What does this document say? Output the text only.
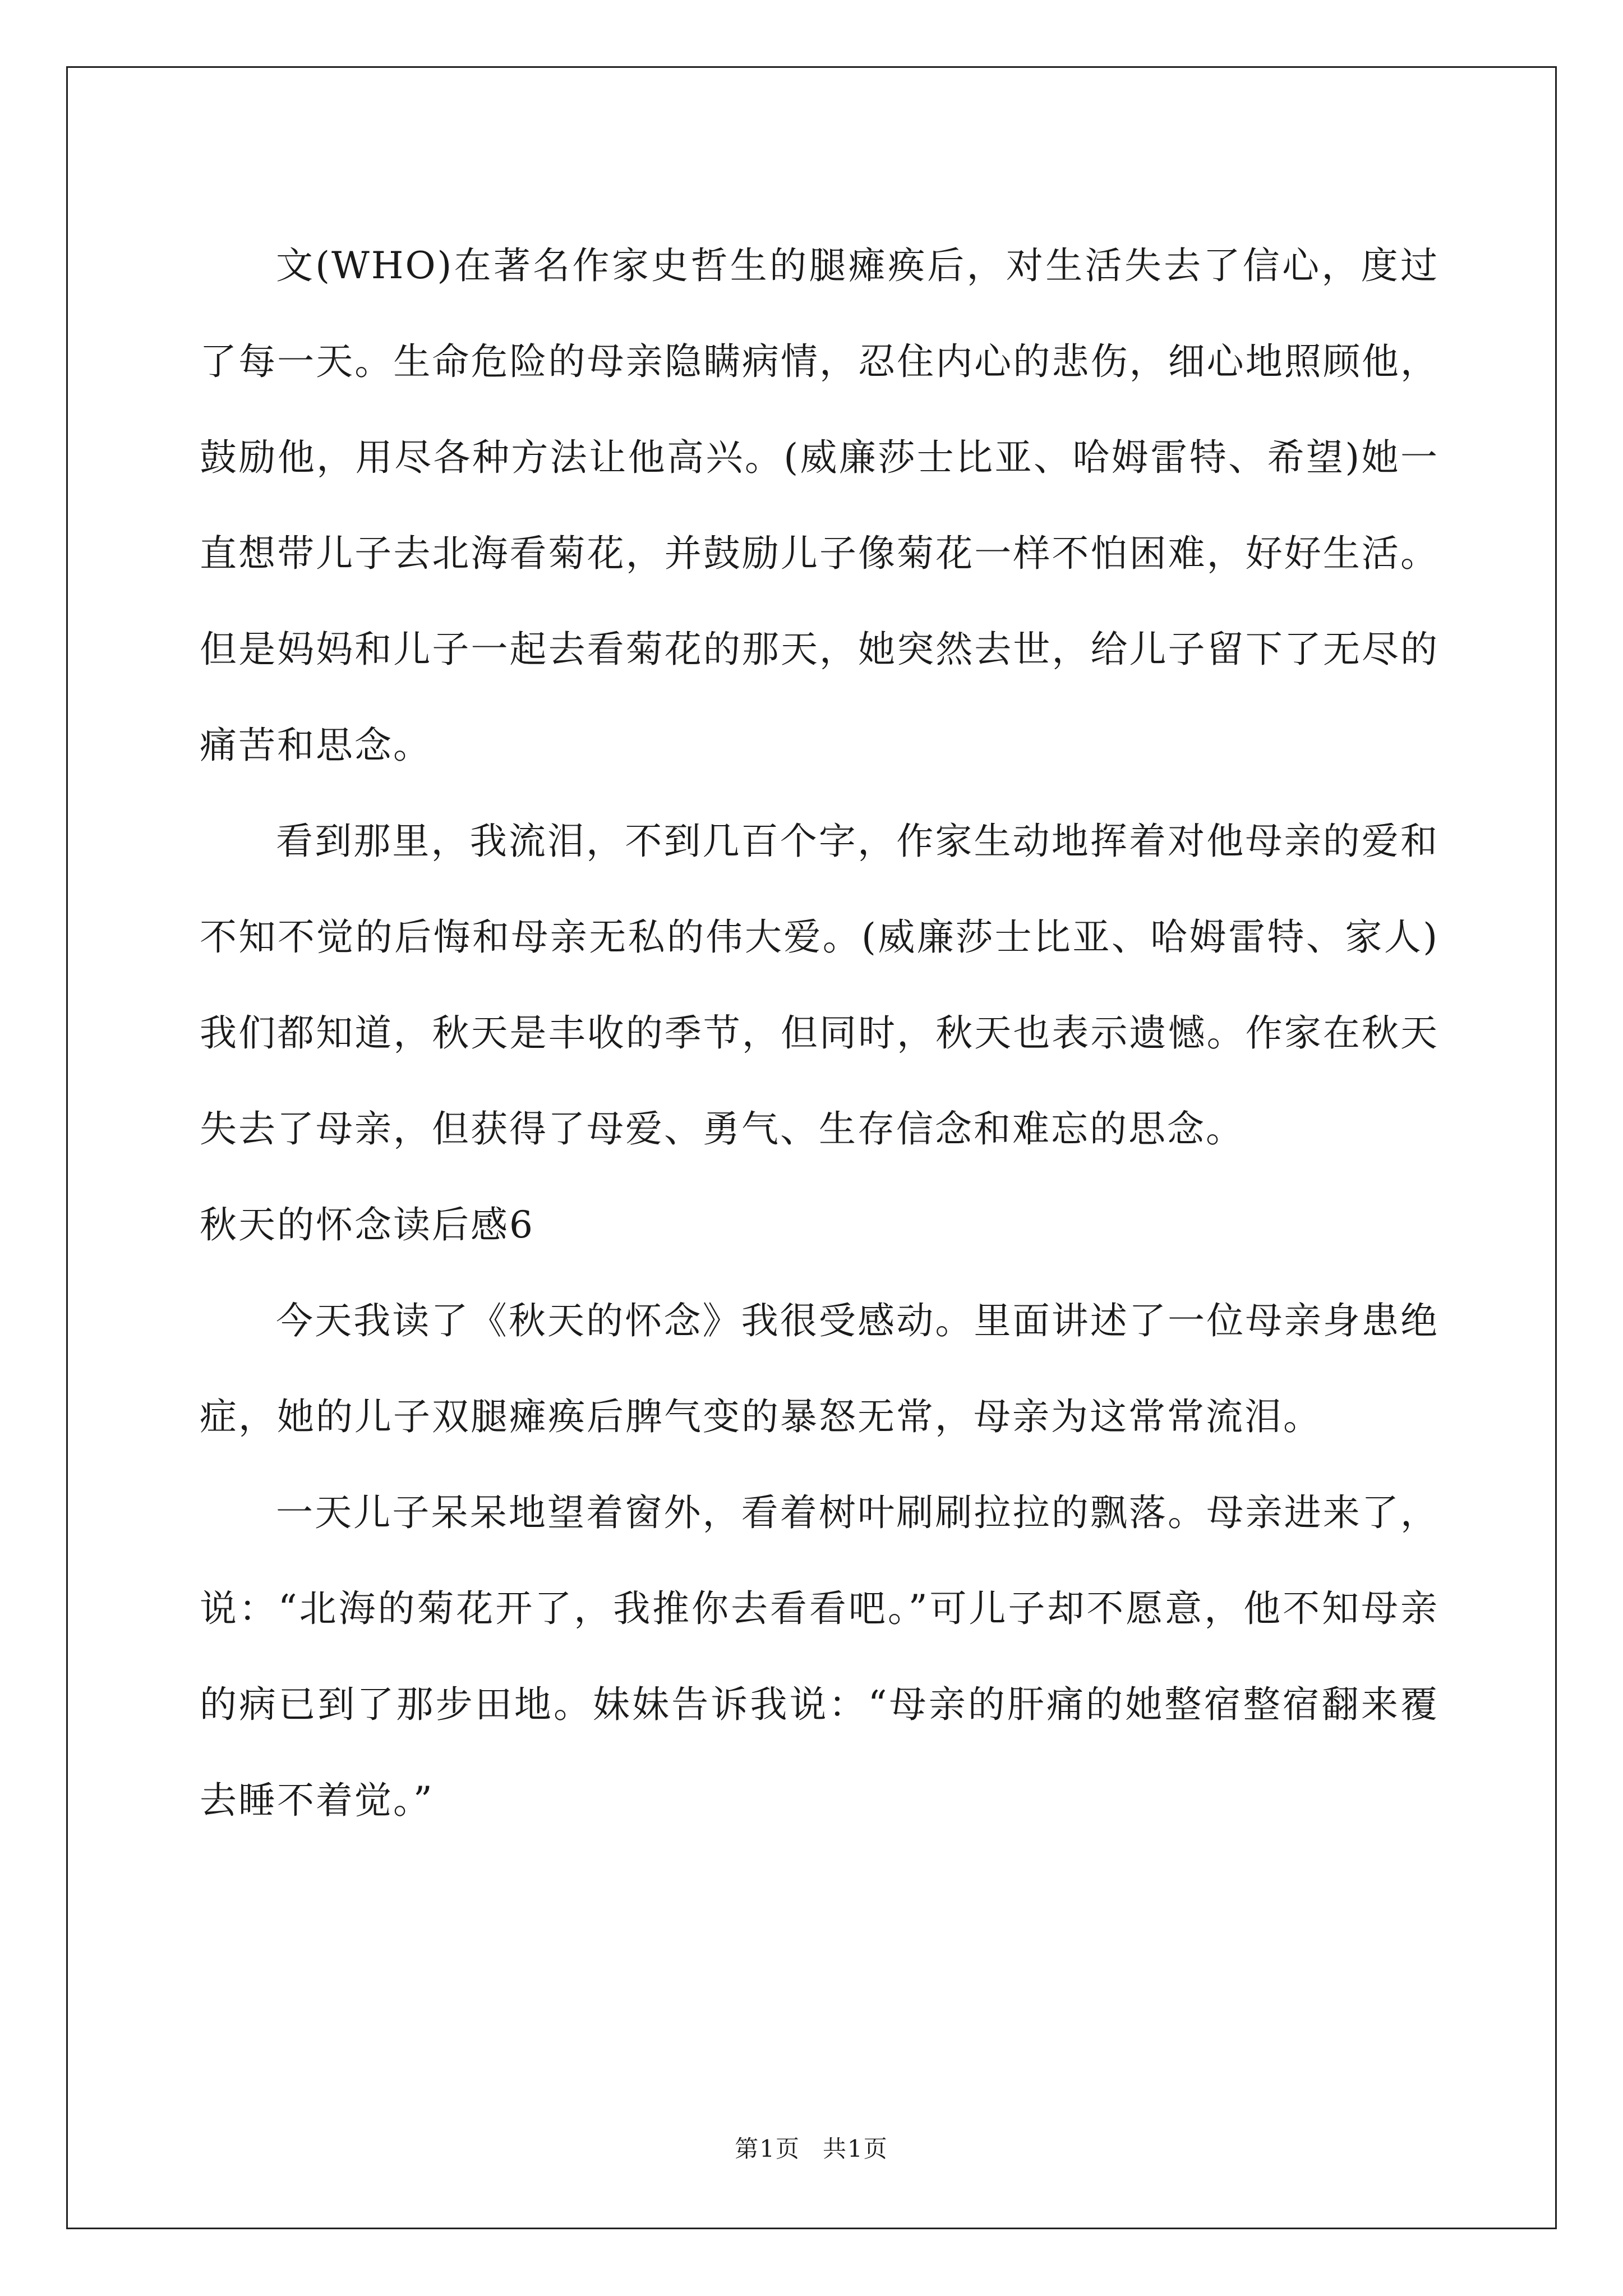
文(WHO)在著名作家史哲生的腿瘫痪后，对生活失去了信心，度过了每一天。生命危险的母亲隐瞒病情，忍住内心的悲伤，细心地照顾他，鼓励他，用尽各种方法让他高兴。(威廉莎士比亚、哈姆雷特、希望)她一直想带儿子去北海看菊花，并鼓励儿子像菊花一样不怕困难，好好生活。但是妈妈和儿子一起去看菊花的那天，她突然去世，给儿子留下了无尽的痛苦和思念。

看到那里，我流泪，不到几百个字，作家生动地挥着对他母亲的爱和不知不觉的后悔和母亲无私的伟大爱。(威廉莎士比亚、哈姆雷特、家人)我们都知道，秋天是丰收的季节，但同时，秋天也表示遗憾。作家在秋天失去了母亲，但获得了母爱、勇气、生存信念和难忘的思念。

秋天的怀念读后感6

今天我读了《秋天的怀念》我很受感动。里面讲述了一位母亲身患绝症，她的儿子双腿瘫痪后脾气变的暴怒无常，母亲为这常常流泪。

一天儿子呆呆地望着窗外，看着树叶刷刷拉拉的飘落。母亲进来了，说：“北海的菊花开了，我推你去看看吧。”可儿子却不愿意，他不知母亲的病已到了那步田地。妹妹告诉我说：“母亲的肝痛的她整宿整宿翻来覆去睡不着觉。”

第1页 共1页
